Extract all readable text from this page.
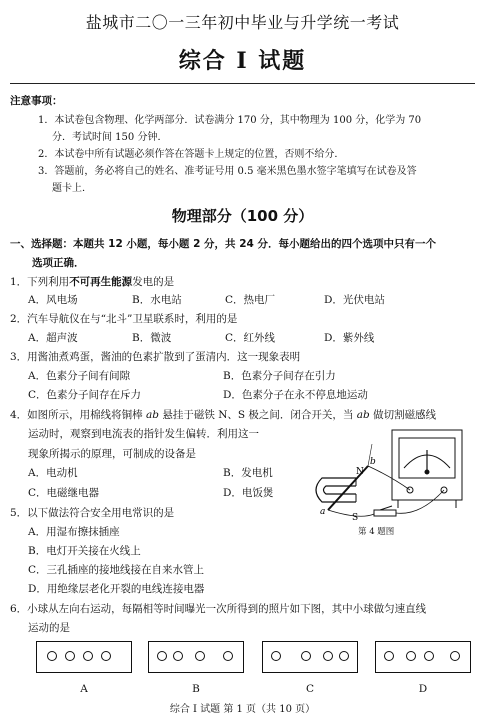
盐城市二〇一三年初中毕业与升学统一考试
综合 I 试题
注意事项：
1．本试卷包含物理、化学两部分．试卷满分 170 分，其中物理为 100 分，化学为 70
分．考试时间 150 分钟．
2．本试卷中所有试题必须作答在答题卡上规定的位置，否则不给分．
3．答题前，务必将自己的姓名、准考证号用 0.5 毫米黑色墨水签字笔填写在试卷及答
题卡上．
物理部分（100 分）
一、选择题：本题共 12 小题，每小题 2 分，共 24 分．每小题给出的四个选项中只有一个
选项正确．
1．下列利用不可再生能源发电的是
A．风电场	B．水电站	C．热电厂	D．光伏电站
2．汽车导航仪在与“北斗”卫星联系时，利用的是
A．超声波	B．微波	C．红外线	D．紫外线
3．用酱油煮鸡蛋，酱油的色素扩散到了蛋清内．这一现象表明
A．色素分子间有间隙	B．色素分子间存在引力
C．色素分子间存在斥力	D．色素分子在永不停息地运动
4．如图所示，用棉线将铜棒 ab 悬挂于磁铁 N、S 极之间．闭合开关，当 ab 做切割磁感线
运动时，观察到电流表的指针发生偏转．利用这一
现象所揭示的原理，可制成的设备是
A．电动机	B．发电机
C．电磁继电器	D．电饭煲
N
S
a
b
第 4 题图
5．以下做法符合安全用电常识的是
A．用湿布擦抹插座
B．电灯开关接在火线上
C．三孔插座的接地线接在自来水管上
D．用绝缘层老化开裂的电线连接电器
6．小球从左向右运动，每隔相等时间曝光一次所得到的照片如下图，其中小球做匀速直线
运动的是
A	B	C	D
综合 I 试题 第 1 页（共 10 页）
